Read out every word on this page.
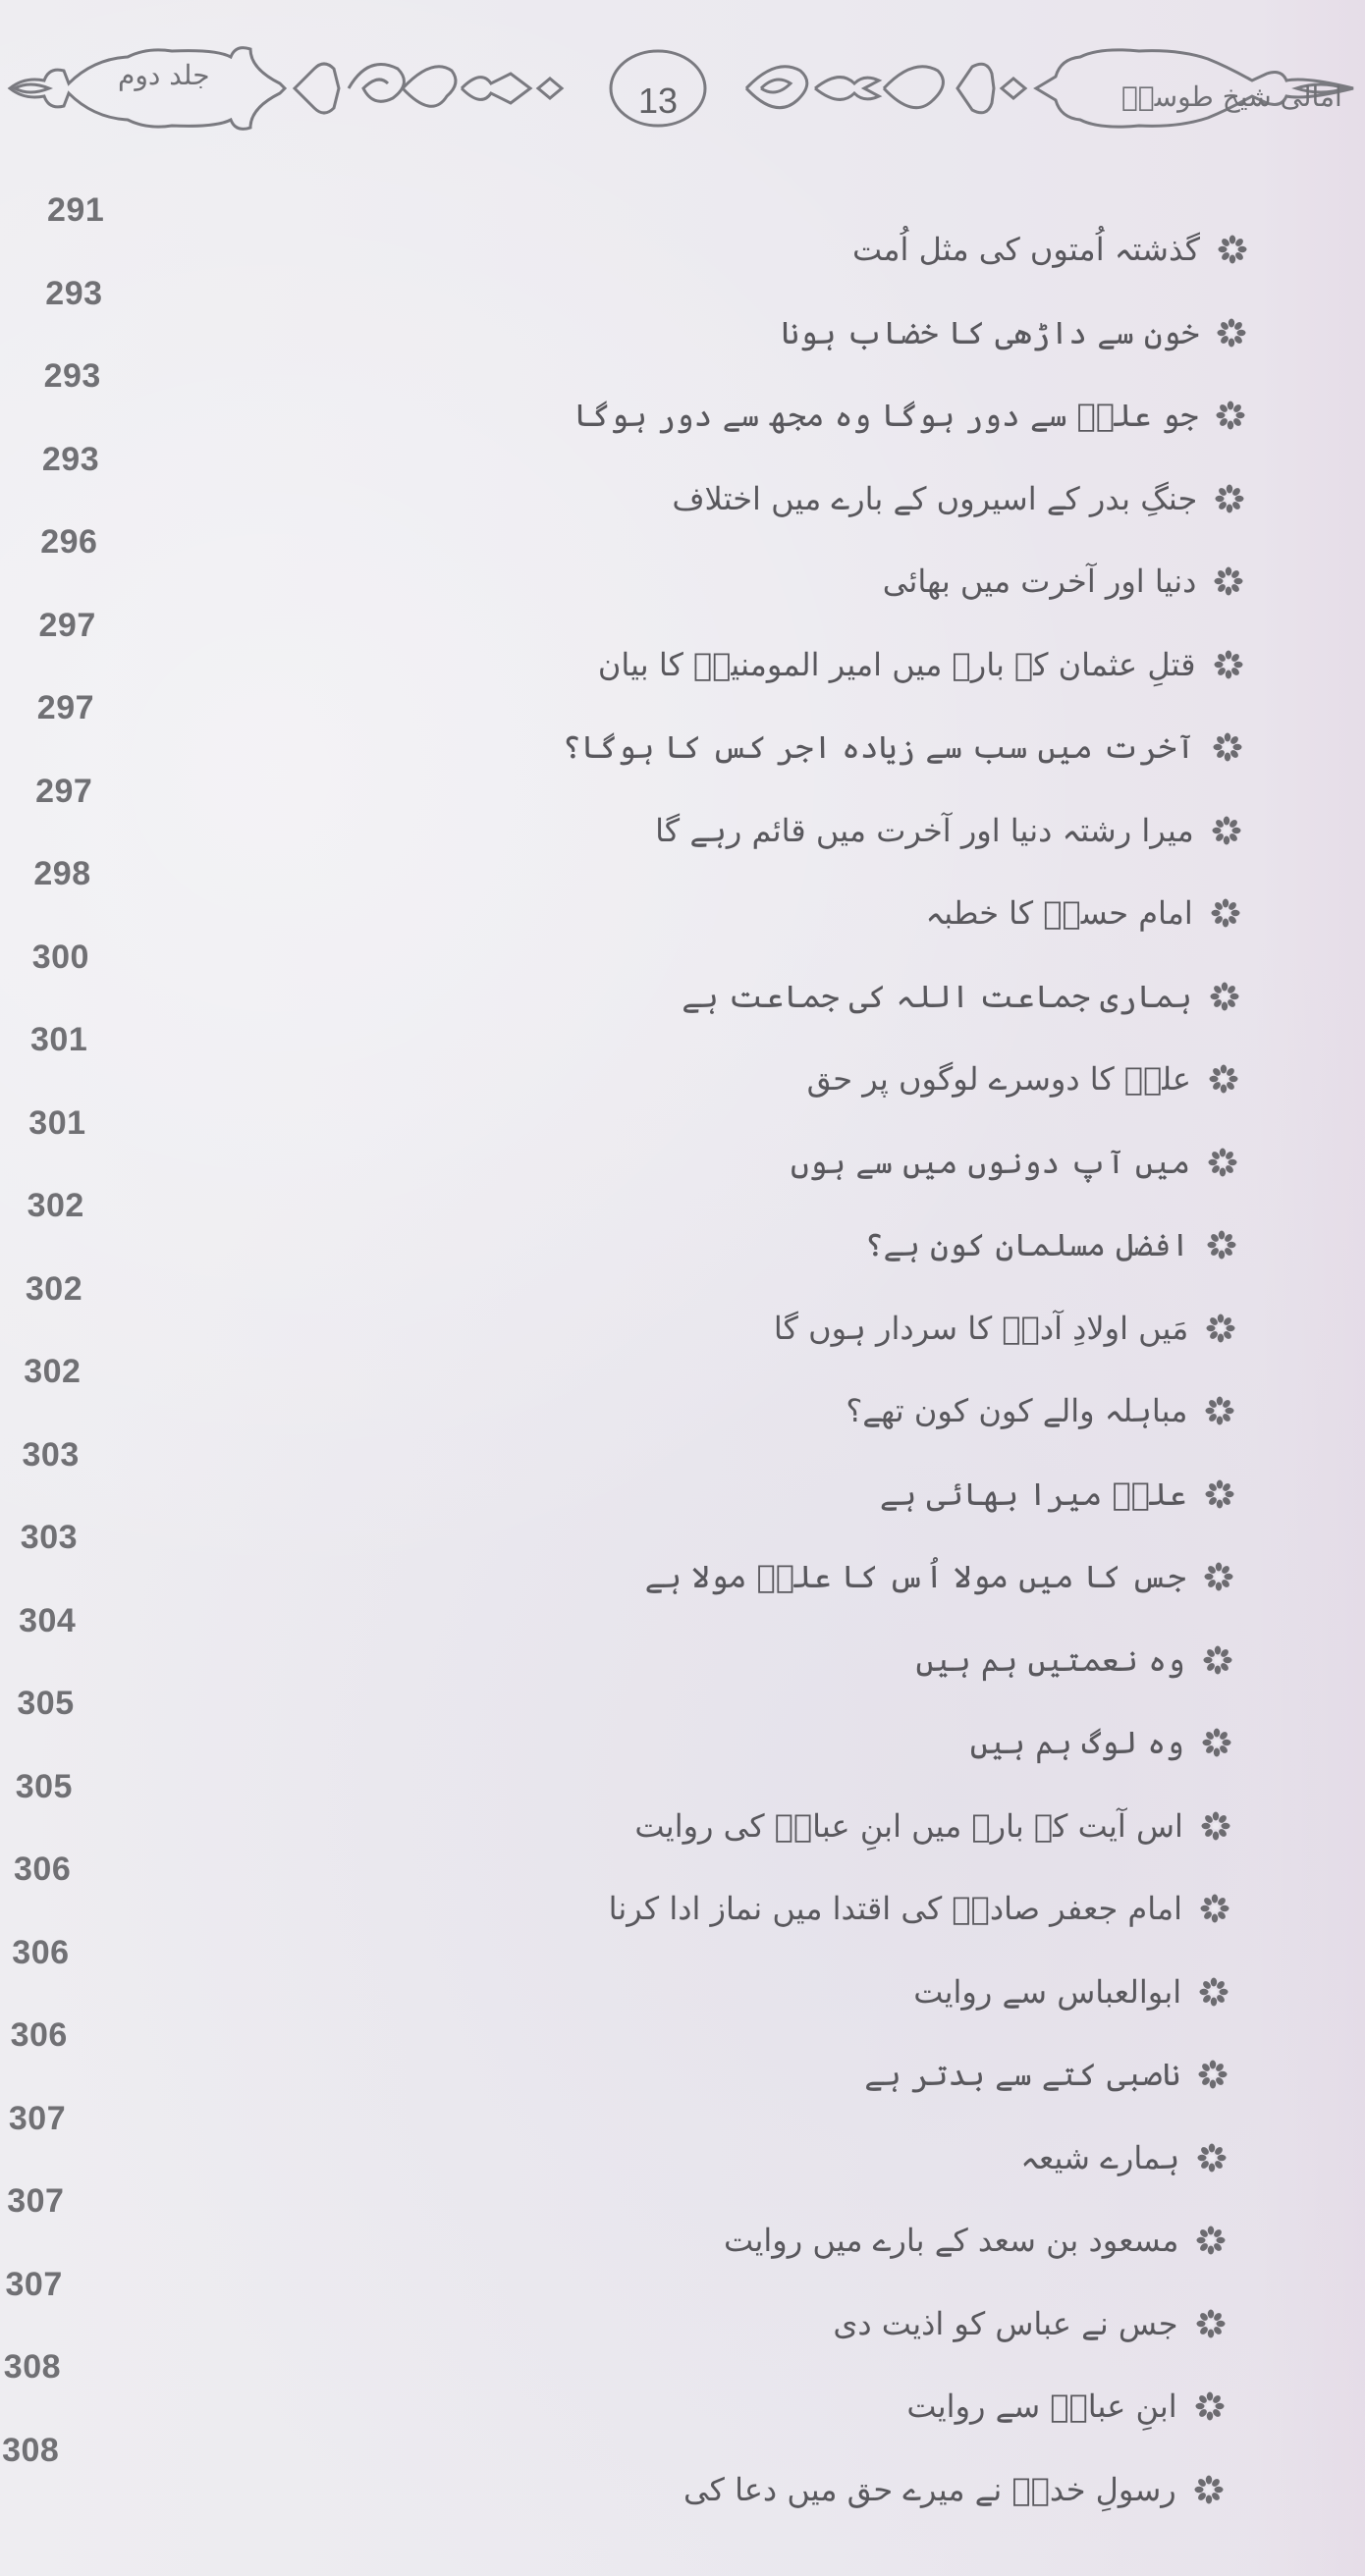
جلد دوم
13	امالی شیخ طوسیؒ
291
گذشتہ اُمتوں کی مثل اُمت
293
خون سے داڑھی کا خضاب ہونا
293
جو علیؑ سے دور ہوگا وہ مجھ سے دور ہوگا
293
جنگِ بدر کے اسیروں کے بارے میں اختلاف
296
دنیا اور آخرت میں بھائی
297
قتلِ عثمان کے بارے میں امیر المومنینؑ کا بیان
297
آخرت میں سب سے زیادہ اجر کس کا ہوگا؟
297
میرا رشتہ دنیا اور آخرت میں قائم رہے گا
298
امام حسنؑ کا خطبہ
300
ہماری جماعت اللہ کی جماعت ہے
301
علیؑ کا دوسرے لوگوں پر حق
301
میں آپ دونوں میں سے ہوں
302
افضل مسلمان کون ہے؟
302
مَیں اولادِ آدمؑ کا سردار ہوں گا
302
مباہلہ والے کون کون تھے؟
303
علیؑ میرا بھائی ہے
303
جس کا میں مولا اُس کا علیؑ مولا ہے
304
وہ نعمتیں ہم ہیں
305
وہ لوگ ہم ہیں
305
اس آیت کے بارے میں ابنِ عباسؓ کی روایت
306
امام جعفر صادقؑ کی اقتدا میں نماز ادا کرنا
306
ابوالعباس سے روایت
306
ناصبی کتے سے بدتر ہے
307
ہمارے شیعہ
307
مسعود بن سعد کے بارے میں روایت
307
جس نے عباس کو اذیت دی
308
ابنِ عباسؓ سے روایت
308
رسولِ خداؐ نے میرے حق میں دعا کی
